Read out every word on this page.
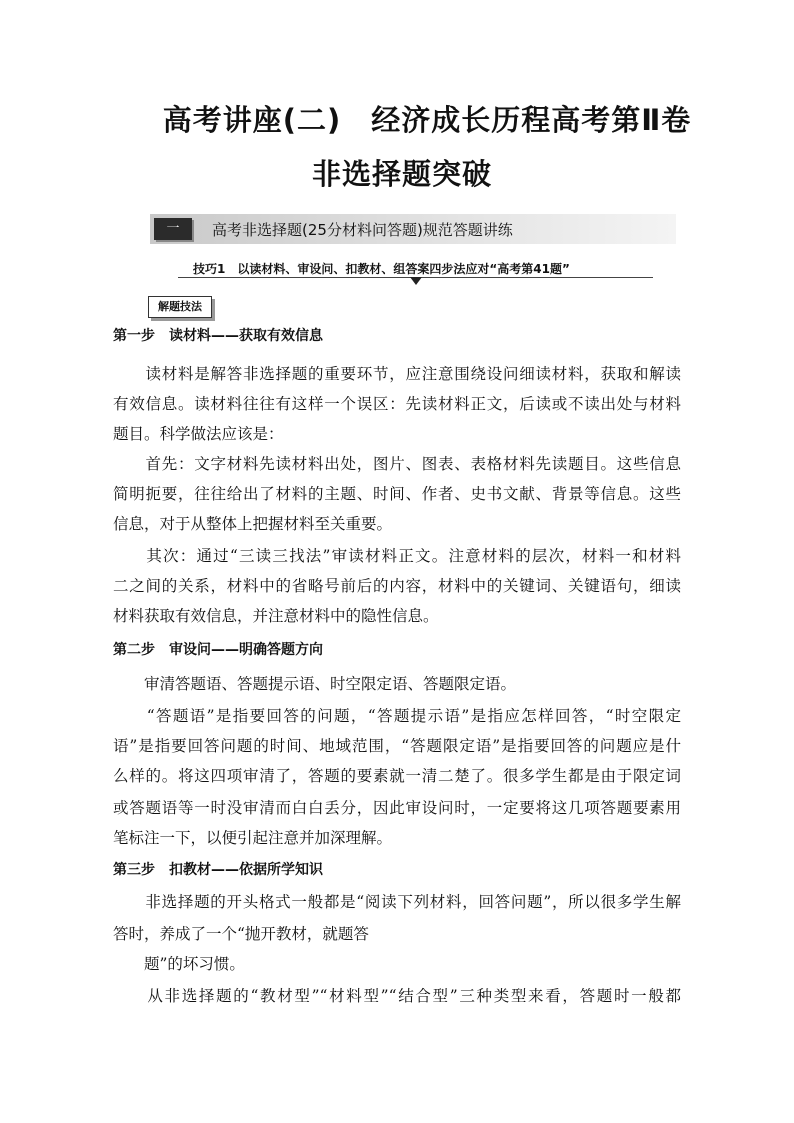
高考讲座(二)　经济成长历程高考第Ⅱ卷
非选择题突破
一	高考非选择题(25分材料问答题)规范答题讲练
技巧1　以读材料、审设问、扣教材、组答案四步法应对“高考第41题”
解题技法
第一步　读材料——获取有效信息
　　读材料是解答非选择题的重要环节，应注意围绕设问细读材料，获取和解读
有效信息。读材料往往有这样一个误区：先读材料正文，后读或不读出处与材料
题目。科学做法应该是：
　　首先：文字材料先读材料出处，图片、图表、表格材料先读题目。这些信息
简明扼要，往往给出了材料的主题、时间、作者、史书文献、背景等信息。这些
信息，对于从整体上把握材料至关重要。
　　其次：通过“三读三找法”审读材料正文。注意材料的层次，材料一和材料
二之间的关系，材料中的省略号前后的内容，材料中的关键词、关键语句，细读
材料获取有效信息，并注意材料中的隐性信息。
第二步　审设问——明确答题方向
　　审清答题语、答题提示语、时空限定语、答题限定语。
　　“答题语”是指要回答的问题，“答题提示语”是指应怎样回答，“时空限定
语”是指要回答问题的时间、地域范围，“答题限定语”是指要回答的问题应是什
么样的。将这四项审清了，答题的要素就一清二楚了。很多学生都是由于限定词
或答题语等一时没审清而白白丢分，因此审设问时，一定要将这几项答题要素用
笔标注一下，以便引起注意并加深理解。
第三步　扣教材——依据所学知识
　　非选择题的开头格式一般都是“阅读下列材料，回答问题”，所以很多学生解
答时，养成了一个“抛开教材，就题答
　　题”的坏习惯。
　　从非选择题的“教材型”“材料型”“结合型”三种类型来看，答题时一般都
